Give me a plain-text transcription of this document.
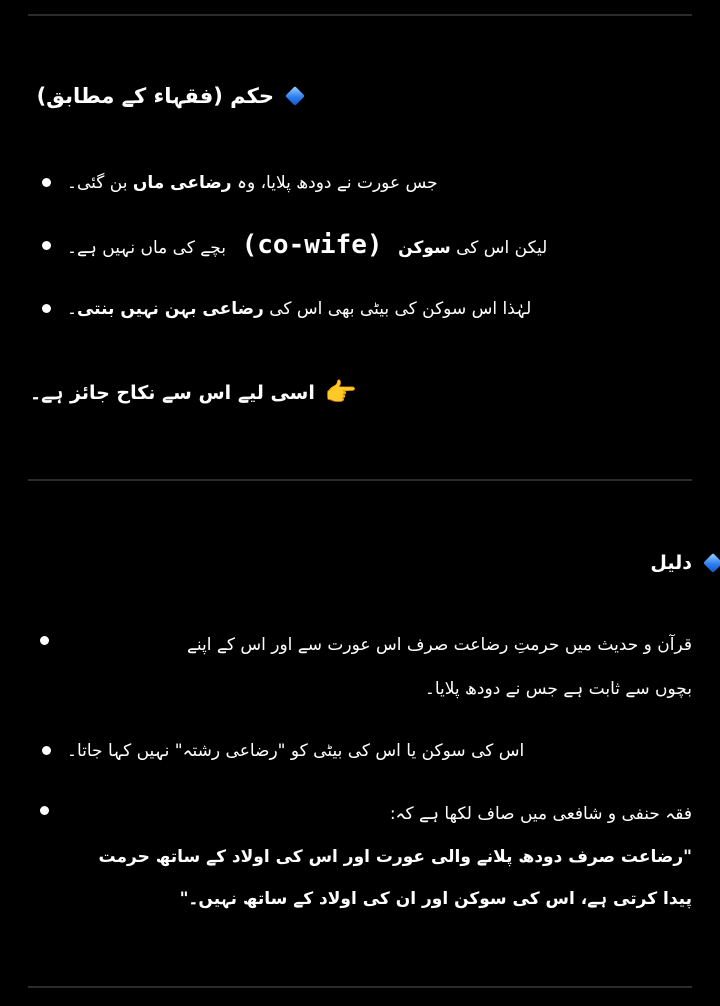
حکم (فقہاء کے مطابق)
جس عورت نے دودھ پلایا، وہ رضاعی ماں بن گئی۔
لیکن اس کی سوکن (co-wife) بچے کی ماں نہیں ہے۔
لہٰذا اس سوکن کی بیٹی بھی اس کی رضاعی بہن نہیں بنتی۔
👉
اسی لیے اس سے نکاح جائز ہے۔
دلیل
قرآن و حدیث میں حرمتِ رضاعت صرف اس عورت سے اور اس کے اپنے
بچوں سے ثابت ہے جس نے دودھ پلایا۔
اس کی سوکن یا اس کی بیٹی کو "رضاعی رشتہ" نہیں کہا جاتا۔
فقہ حنفی و شافعی میں صاف لکھا ہے کہ:
"رضاعت صرف دودھ پلانے والی عورت اور اس کی اولاد کے ساتھ حرمت
پیدا کرتی ہے، اس کی سوکن اور ان کی اولاد کے ساتھ نہیں۔"
